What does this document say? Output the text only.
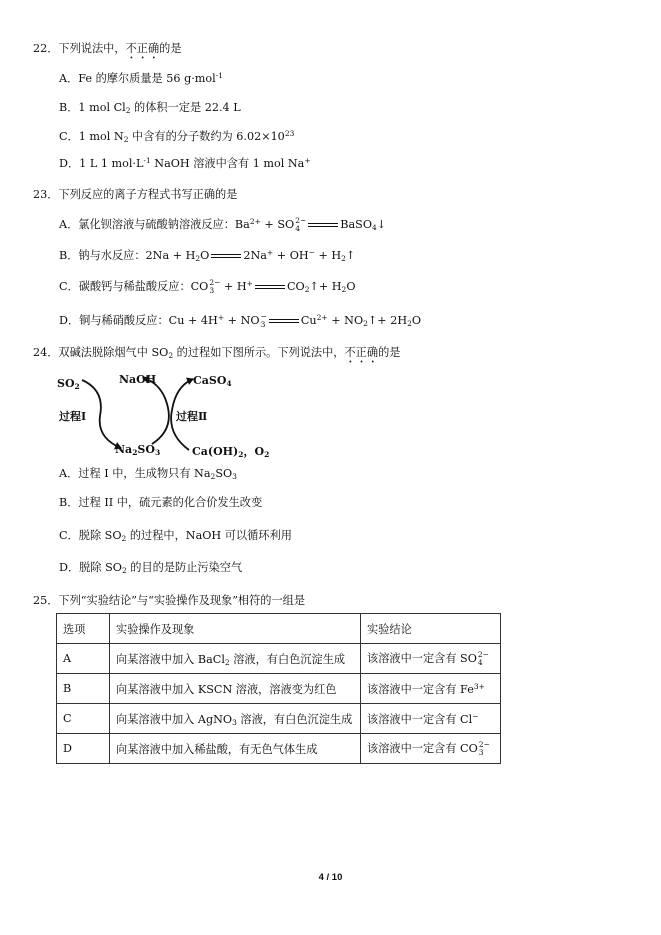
22．下列说法中，不正确的是
A．Fe 的摩尔质量是 56 g·mol$^{-1}$
B．1 mol $Cl_2$ 的体积一定是 22.4 L
C．1 mol $N_2$ 中含有的分子数约为 $6.02\times 10^{23}$
D．1 L 1 $mol\cdot L^{-1}$ NaOH 溶液中含有 1 mol Na+
23．下列反应的离子方程式书写正确的是
A．氯化钡溶液与硫酸钠溶液反应：$Ba^{2+}$ + SO 2−
4	BaSO$_4$↓
B．钠与水反应：$2Na + H_2O$	$2Na^+ + OH^- + H_2↑$
C．碳酸钙与稀盐酸反应：CO 2−
3 + H+	$CO_2↑+ H_2O$
D．铜与稀硝酸反应：Cu + 4H+ + NO −
3	$Cu^{2+}$ + $NO_2↑+ 2H_2O$
24．双碱法脱除烟气中 $SO_2$ 的过程如下图所示。下列说法中，不正确的是
$SO_2$
NaOH	CaSO$_4$
过程Ⅰ	过程Ⅱ
$Na_2SO_3$	$Ca(OH)_2$，$O_2$
A．过程 I 中，生成物只有 $Na_2SO_3$
B．过程 II 中，硫元素的化合价发生改变
C．脱除 $SO_2$ 的过程中，NaOH 可以循环利用
D．脱除 $SO_2$ 的目的是防止污染空气
25．下列“实验结论”与“实验操作及现象”相符的一组是
选项	实验操作及现象	实验结论
A	向某溶液中加入 BaCl$_2$ 溶液，有白色沉淀生成	该溶液中一定含有 SO 2−
4

B	向某溶液中加入 KSCN 溶液，溶液变为红色	该溶液中一定含有 $Fe^{3+}$
C	向某溶液中加入 AgNO$_3$ 溶液，有白色沉淀生成	该溶液中一定含有 Cl−
D	向某溶液中加入稀盐酸，有无色气体生成	该溶液中一定含有 CO 2−
3
4 / 10
